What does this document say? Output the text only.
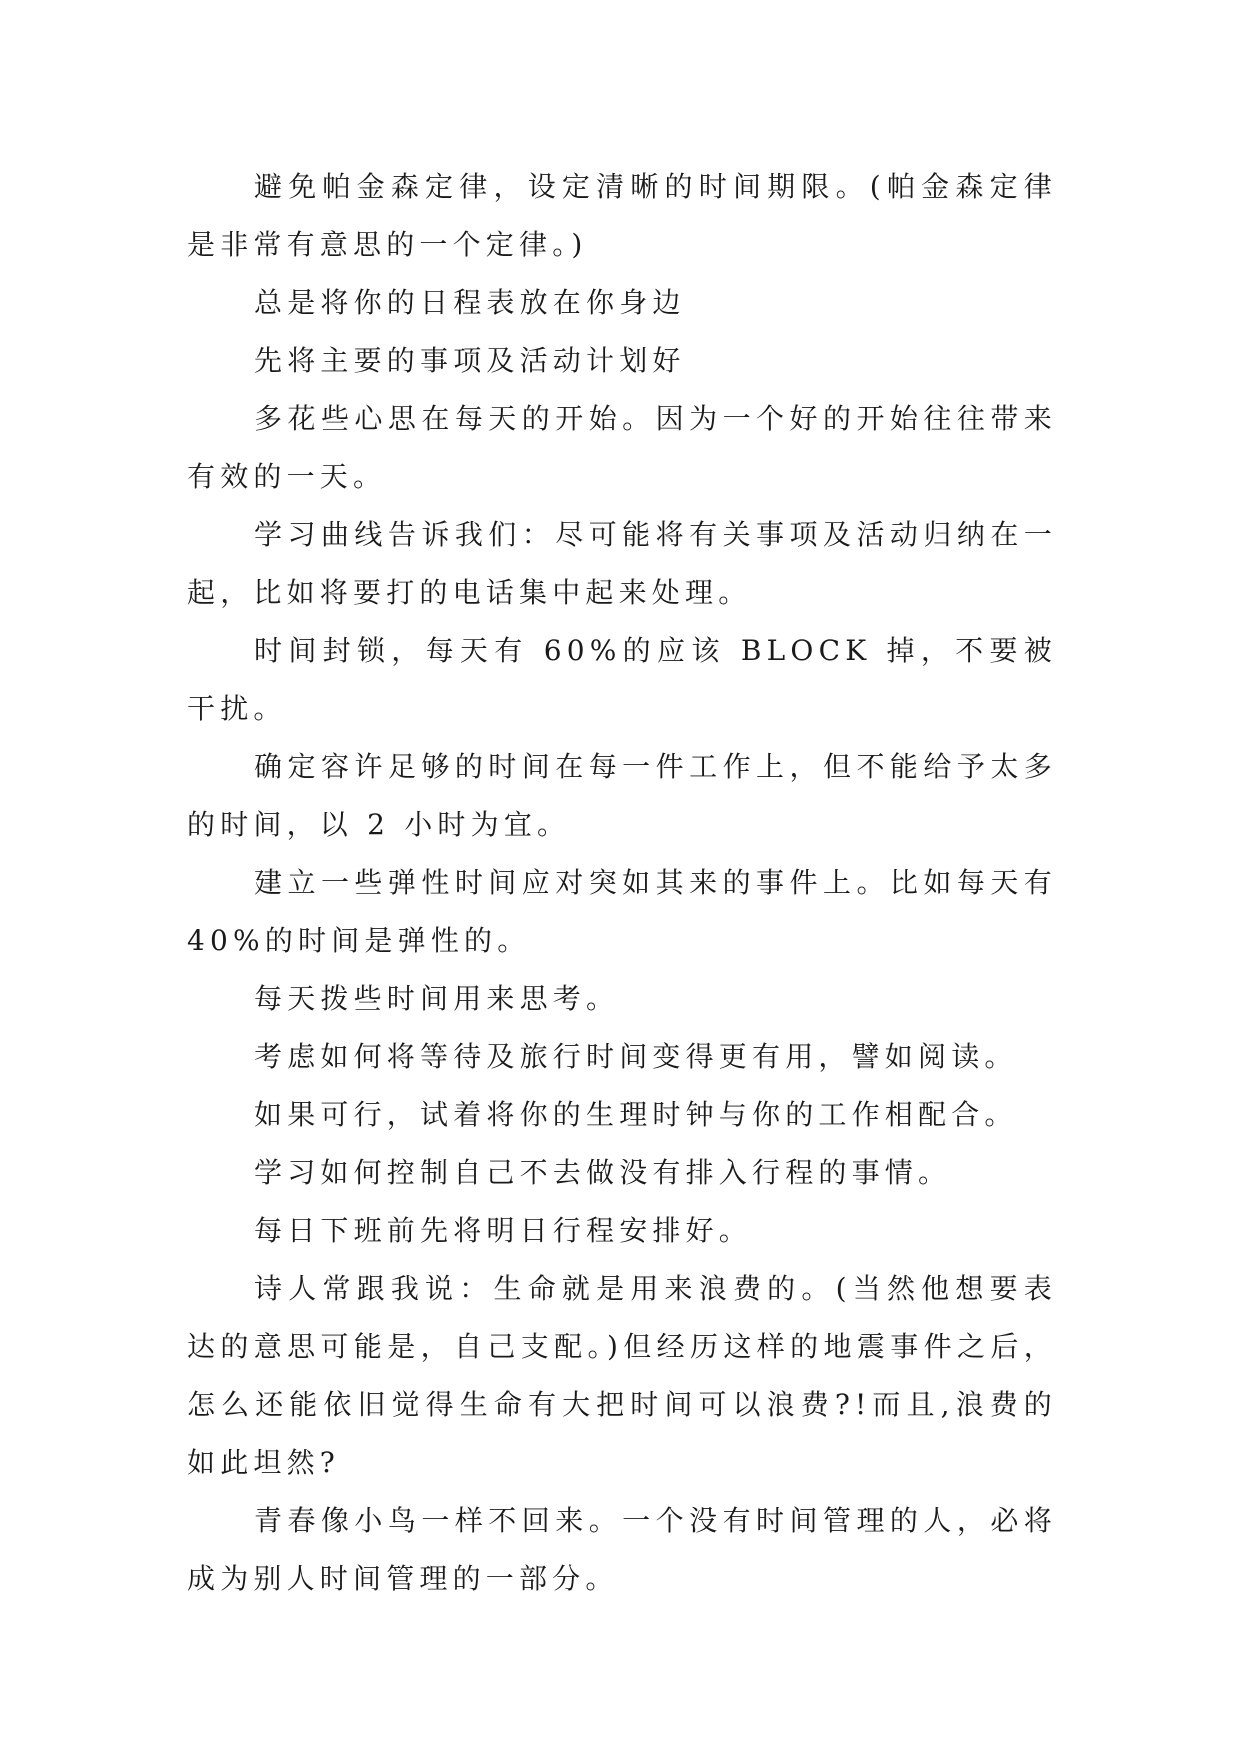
避免帕金森定律，设定清晰的时间期限。(帕金森定律是非常有意思的一个定律。)

总是将你的日程表放在你身边

先将主要的事项及活动计划好

多花些心思在每天的开始。因为一个好的开始往往带来有效的一天。

学习曲线告诉我们：尽可能将有关事项及活动归纳在一起，比如将要打的电话集中起来处理。

时间封锁，每天有 60%的应该 BLOCK 掉，不要被干扰。

确定容许足够的时间在每一件工作上，但不能给予太多的时间，以 2 小时为宜。

建立一些弹性时间应对突如其来的事件上。比如每天有40%的时间是弹性的。

每天拨些时间用来思考。

考虑如何将等待及旅行时间变得更有用，譬如阅读。

如果可行，试着将你的生理时钟与你的工作相配合。

学习如何控制自己不去做没有排入行程的事情。

每日下班前先将明日行程安排好。

诗人常跟我说：生命就是用来浪费的。(当然他想要表达的意思可能是，自己支配。)但经历这样的地震事件之后，怎么还能依旧觉得生命有大把时间可以浪费?!而且,浪费的如此坦然?

青春像小鸟一样不回来。一个没有时间管理的人，必将成为别人时间管理的一部分。
